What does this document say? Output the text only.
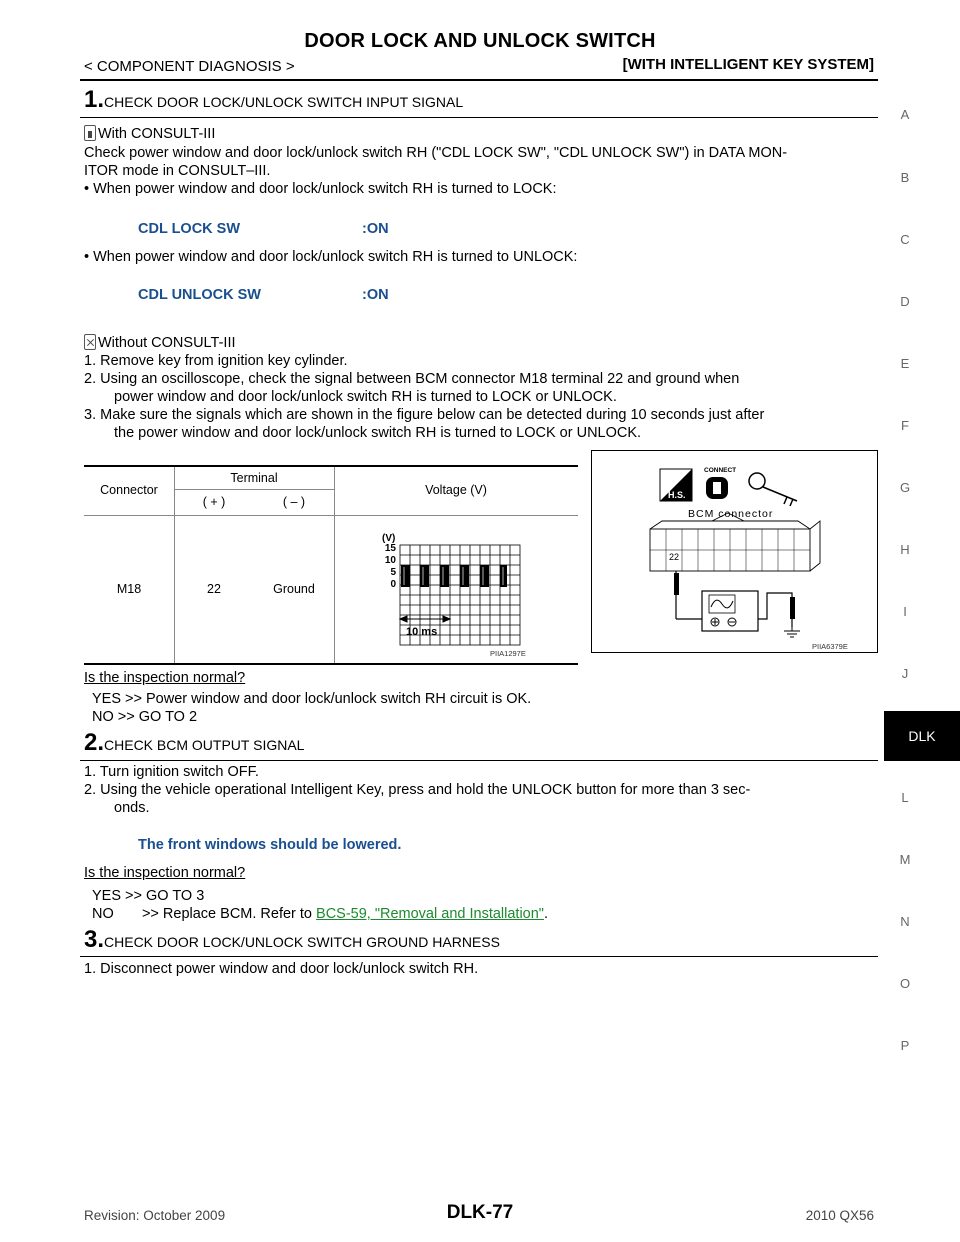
DOOR LOCK AND UNLOCK SWITCH
< COMPONENT DIAGNOSIS >	[WITH INTELLIGENT KEY SYSTEM]
A
B
C
D
E
F
G
H
I
J
DLK
L
M
N
O
P
1.CHECK DOOR LOCK/UNLOCK SWITCH INPUT SIGNAL
With CONSULT-III
Check power window and door lock/unlock switch RH ("CDL LOCK SW", "CDL UNLOCK SW") in DATA MON-
ITOR mode in CONSULT–III.
• When power window and door lock/unlock switch RH is turned to LOCK:
CDL LOCK SW	:ON
• When power window and door lock/unlock switch RH is turned to UNLOCK:
CDL UNLOCK SW	:ON
Without CONSULT-III
1. Remove key from ignition key cylinder.
2. Using an oscilloscope, check the signal between BCM connector M18 terminal 22 and ground when
power window and door lock/unlock switch RH is turned to LOCK or UNLOCK.
3. Make sure the signals which are shown in the figure below can be detected during 10 seconds just after
the power window and door lock/unlock switch RH is turned to LOCK or UNLOCK.
Connector
Terminal
( + )	( – )
Voltage (V)
M18	22	Ground
(V)
15
10
5
0
10 ms
PIIA1297E
H.S.
CONNECT
BCM connector
22
PIIA6379E
Is the inspection normal?
YES >> Power window and door lock/unlock switch RH circuit is OK.
NO >> GO TO 2
2.CHECK BCM OUTPUT SIGNAL
1. Turn ignition switch OFF.
2. Using the vehicle operational Intelligent Key, press and hold the UNLOCK button for more than 3 sec-
onds.
The front windows should be lowered.
Is the inspection normal?
YES >> GO TO 3
NO       >> Replace BCM. Refer to BCS-59, "Removal and Installation".
3.CHECK DOOR LOCK/UNLOCK SWITCH GROUND HARNESS
1. Disconnect power window and door lock/unlock switch RH.
Revision: October 2009	DLK-77	2010 QX56
